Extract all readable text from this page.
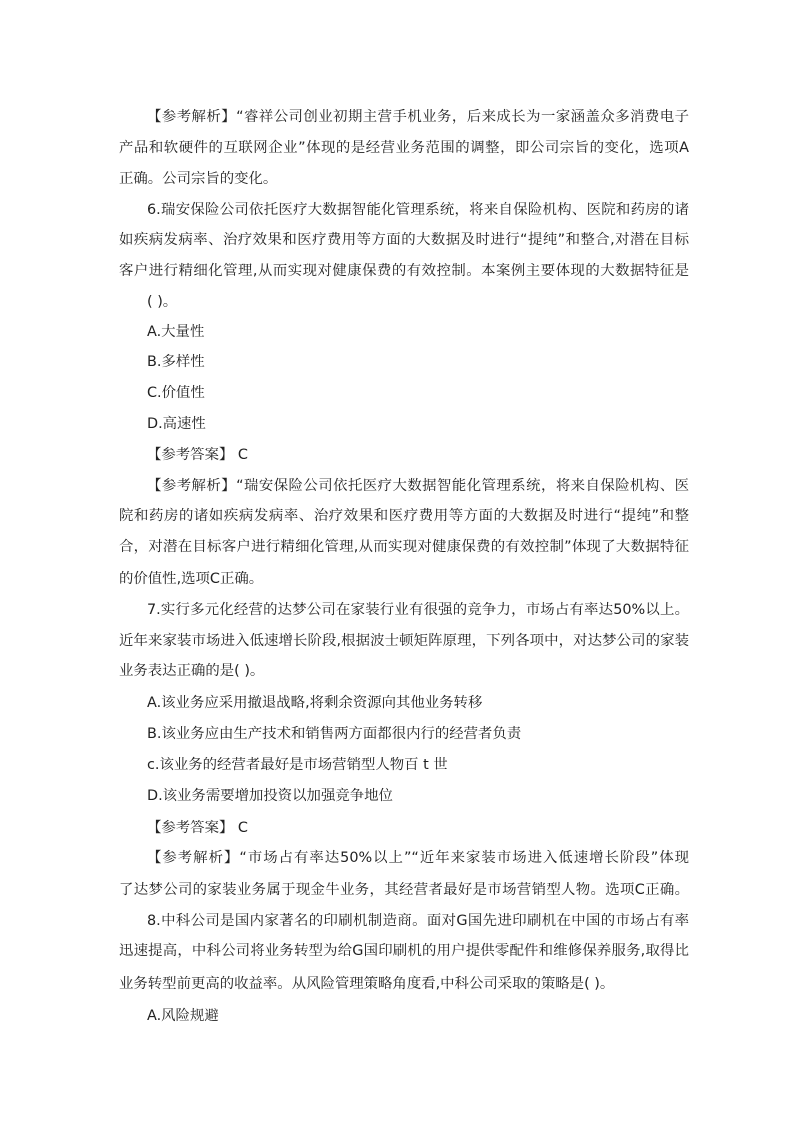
【参考解析】“睿祥公司创业初期主营手机业务，后来成长为一家涵盖众多消费电子
产品和软硬件的互联网企业”体现的是经营业务范围的调整，即公司宗旨的变化，选项A
正确。公司宗旨的变化。
6.瑞安保险公司依托医疗大数据智能化管理系统，将来自保险机构、医院和药房的诸
如疾病发病率、治疗效果和医疗费用等方面的大数据及时进行“提纯”和整合,对潜在目标
客户进行精细化管理,从而实现对健康保费的有效控制。本案例主要体现的大数据特征是
( )。
A.大量性
B.多样性
C.价值性
D.高速性
【参考答案】 C
【参考解析】“瑞安保险公司依托医疗大数据智能化管理系统，将来自保险机构、医
院和药房的诸如疾病发病率、治疗效果和医疗费用等方面的大数据及时进行“提纯”和整
合，对潜在目标客户进行精细化管理,从而实现对健康保费的有效控制”体现了大数据特征
的价值性,选项C正确。
7.实行多元化经营的达梦公司在家装行业有很强的竞争力，市场占有率达50%以上。
近年来家装市场进入低速增长阶段,根据波士顿矩阵原理，下列各项中，对达梦公司的家装
业务表达正确的是( )。
A.该业务应采用撤退战略,将剩余资源向其他业务转移
B.该业务应由生产技术和销售两方面都很内行的经营者负责
c.该业务的经营者最好是市场营销型人物百 t 世
D.该业务需要增加投资以加强竞争地位
【参考答案】 C
【参考解析】“市场占有率达50%以上”“近年来家装市场进入低速增长阶段”体现
了达梦公司的家装业务属于现金牛业务，其经营者最好是市场营销型人物。选项C正确。
8.中科公司是国内家著名的印刷机制造商。面对G国先进印刷机在中国的市场占有率
迅速提高，中科公司将业务转型为给G国印刷机的用户提供零配件和维修保养服务,取得比
业务转型前更高的收益率。从风险管理策略角度看,中科公司采取的策略是( )。
A.风险规避
